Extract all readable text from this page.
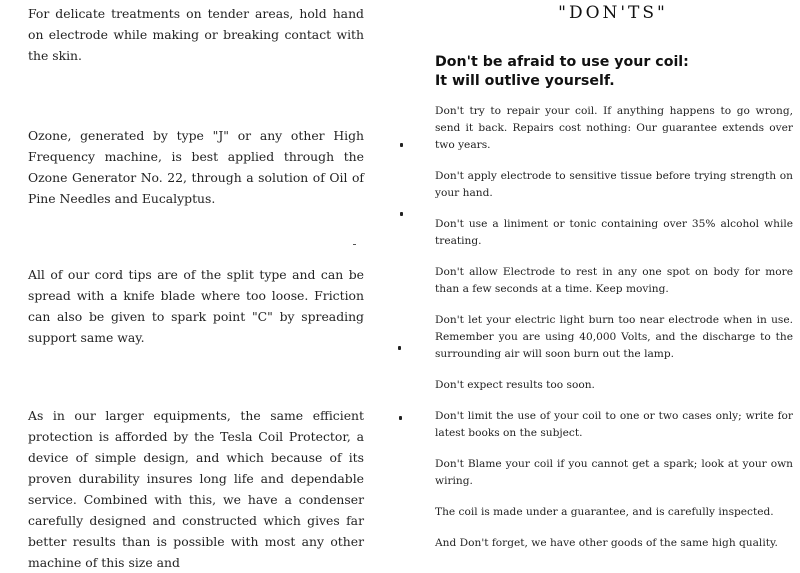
For delicate treatments on tender areas, hold hand on electrode while making or breaking contact with the skin.

Ozone, generated by type "J" or any other High Frequency machine, is best applied through the Ozone Generator No. 22, through a solution of Oil of Pine Needles and Eucalyptus.

All of our cord tips are of the split type and can be spread with a knife blade where too loose. Friction can also be given to spark point "C" by spreading support same way.

As in our larger equipments, the same efficient protection is afforded by the Tesla Coil Protector, a device of simple design, and which because of its proven durability insures long life and dependable service. Combined with this, we have a condenser carefully designed and constructed which gives far better results than is possible with most any other machine of this size and

"DON'TS"
Don't be afraid to use your coil:
It will outlive yourself.
Don't try to repair your coil. If anything happens to go wrong, send it back. Repairs cost nothing: Our guarantee extends over two years.
Don't apply electrode to sensitive tissue before trying strength on your hand.
Don't use a liniment or tonic containing over 35% alcohol while treating.
Don't allow Electrode to rest in any one spot on body for more than a few seconds at a time. Keep moving.
Don't let your electric light burn too near electrode when in use. Remember you are using 40,000 Volts, and the discharge to the surrounding air will soon burn out the lamp.
Don't expect results too soon.
Don't limit the use of your coil to one or two cases only; write for latest books on the subject.
Don't Blame your coil if you cannot get a spark; look at your own wiring.
The coil is made under a guarantee, and is carefully inspected.
And Don't forget, we have other goods of the same high quality.
